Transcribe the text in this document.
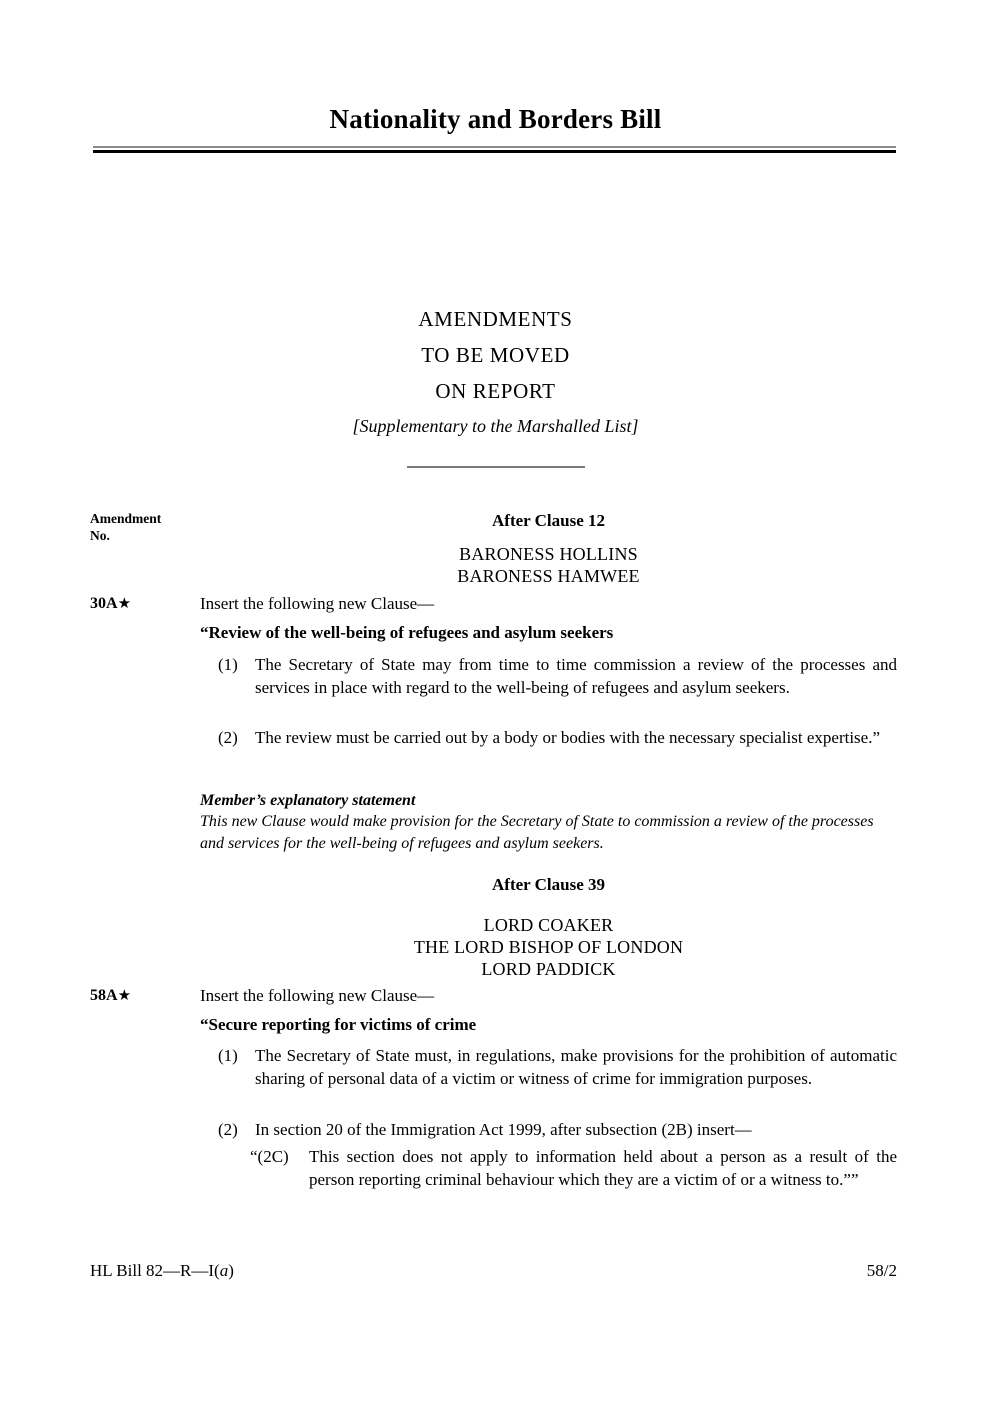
Nationality and Borders Bill
AMENDMENTS
TO BE MOVED
ON REPORT
[Supplementary to the Marshalled List]
Amendment
No.
After Clause 12
BARONESS HOLLINS
BARONESS HAMWEE
30A★	Insert the following new Clause—
“Review of the well-being of refugees and asylum seekers
(1)	The Secretary of State may from time to time commission a review of the processes and services in place with regard to the well-being of refugees and asylum seekers.
(2)	The review must be carried out by a body or bodies with the necessary specialist expertise.”
Member’s explanatory statement
This new Clause would make provision for the Secretary of State to commission a review of the processes and services for the well-being of refugees and asylum seekers.
After Clause 39
LORD COAKER
THE LORD BISHOP OF LONDON
LORD PADDICK
58A★	Insert the following new Clause—
“Secure reporting for victims of crime
(1)	The Secretary of State must, in regulations, make provisions for the prohibition of automatic sharing of personal data of a victim or witness of crime for immigration purposes.
(2)	In section 20 of the Immigration Act 1999, after subsection (2B) insert—
“(2C)	This section does not apply to information held about a person as a result of the person reporting criminal behaviour which they are a victim of or a witness to.””
HL Bill 82—R—I(a)	58/2
